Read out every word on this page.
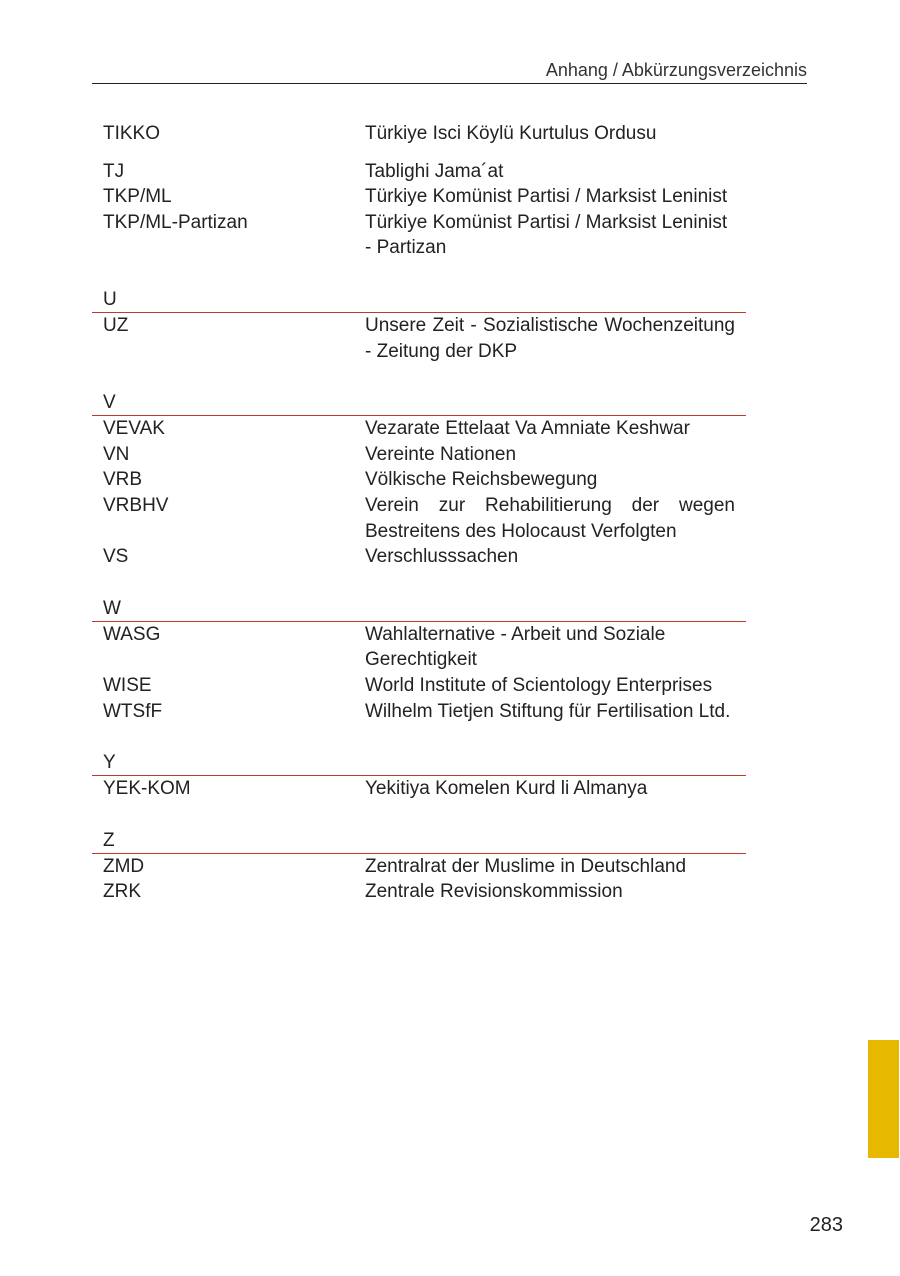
Anhang / Abkürzungsverzeichnis
TIKKO	Türkiye Isci Köylü Kurtulus Ordusu
TJ	Tablighi Jama´at
TKP/ML	Türkiye Komünist Partisi / Marksist Leninist
TKP/ML-Partizan	Türkiye Komünist Partisi / Marksist Leninist - Partizan
U
UZ	Unsere Zeit - Sozialistische Wochenzeitung - Zeitung der DKP
V
VEVAK	Vezarate Ettelaat Va Amniate Keshwar
VN	Vereinte Nationen
VRB	Völkische Reichsbewegung
VRBHV	Verein zur Rehabilitierung der wegen Bestreitens des Holocaust Verfolgten
VS	Verschlusssachen
W
WASG	Wahlalternative - Arbeit und Soziale Gerechtigkeit
WISE	World Institute of Scientology Enterprises
WTSfF	Wilhelm Tietjen Stiftung für Fertilisation Ltd.
Y
YEK-KOM	Yekitiya Komelen Kurd li Almanya
Z
ZMD	Zentralrat der Muslime in Deutschland
ZRK	Zentrale Revisionskommission
283
